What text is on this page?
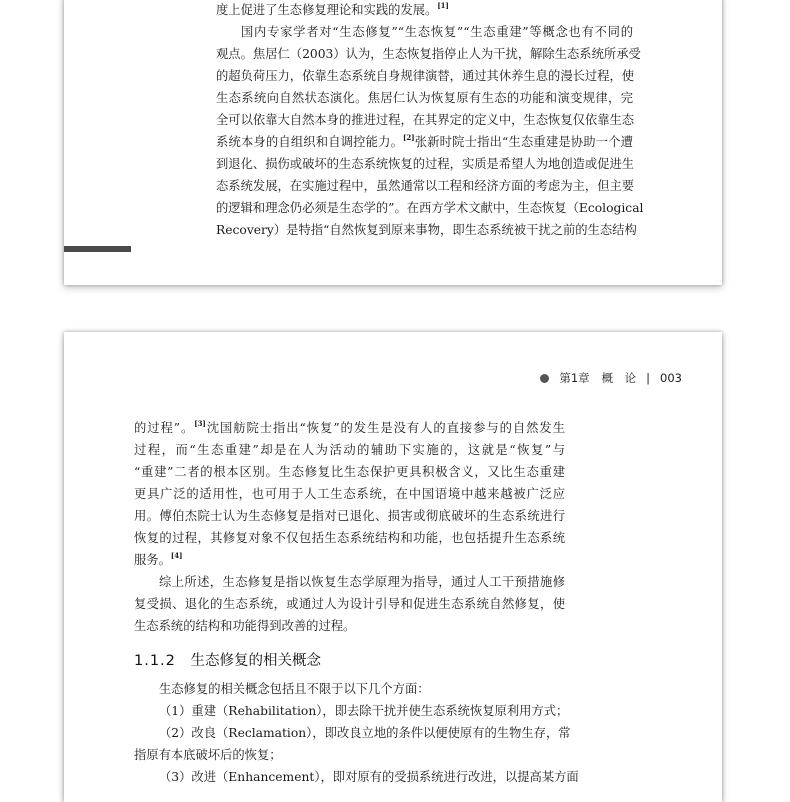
度上促进了生态修复理论和实践的发展。[1]
国内专家学者对“生态修复”“生态恢复”“生态重建”等概念也有不同的
观点。焦居仁（2003）认为，生态恢复指停止人为干扰，解除生态系统所承受
的超负荷压力，依靠生态系统自身规律演替，通过其休养生息的漫长过程，使
生态系统向自然状态演化。焦居仁认为恢复原有生态的功能和演变规律，完
全可以依靠大自然本身的推进过程，在其界定的定义中，生态恢复仅依靠生态
系统本身的自组织和自调控能力。[2]张新时院士指出“生态重建是协助一个遭
到退化、损伤或破坏的生态系统恢复的过程，实质是希望人为地创造或促进生
态系统发展，在实施过程中，虽然通常以工程和经济方面的考虑为主，但主要
的逻辑和理念仍必须是生态学的”。在西方学术文献中，生态恢复（Ecological
Recovery）是特指“自然恢复到原来事物，即生态系统被干扰之前的生态结构
第1章 概　论 | 003
的过程”。[3]沈国舫院士指出“恢复”的发生是没有人的直接参与的自然发生
过程，而“生态重建”却是在人为活动的辅助下实施的，这就是“恢复”与
“重建”二者的根本区别。生态修复比生态保护更具积极含义，又比生态重建
更具广泛的适用性，也可用于人工生态系统，在中国语境中越来越被广泛应
用。傅伯杰院士认为生态修复是指对已退化、损害或彻底破坏的生态系统进行
恢复的过程，其修复对象不仅包括生态系统结构和功能，也包括提升生态系统
服务。[4]
综上所述，生态修复是指以恢复生态学原理为指导，通过人工干预措施修
复受损、退化的生态系统，或通过人为设计引导和促进生态系统自然修复，使
生态系统的结构和功能得到改善的过程。
1.1.2 生态修复的相关概念
生态修复的相关概念包括且不限于以下几个方面：
（1）重建（Rehabilitation），即去除干扰并使生态系统恢复原利用方式；
（2）改良（Reclamation），即改良立地的条件以便使原有的生物生存，常
指原有本底破坏后的恢复；
（3）改进（Enhancement），即对原有的受损系统进行改进，以提高某方面
